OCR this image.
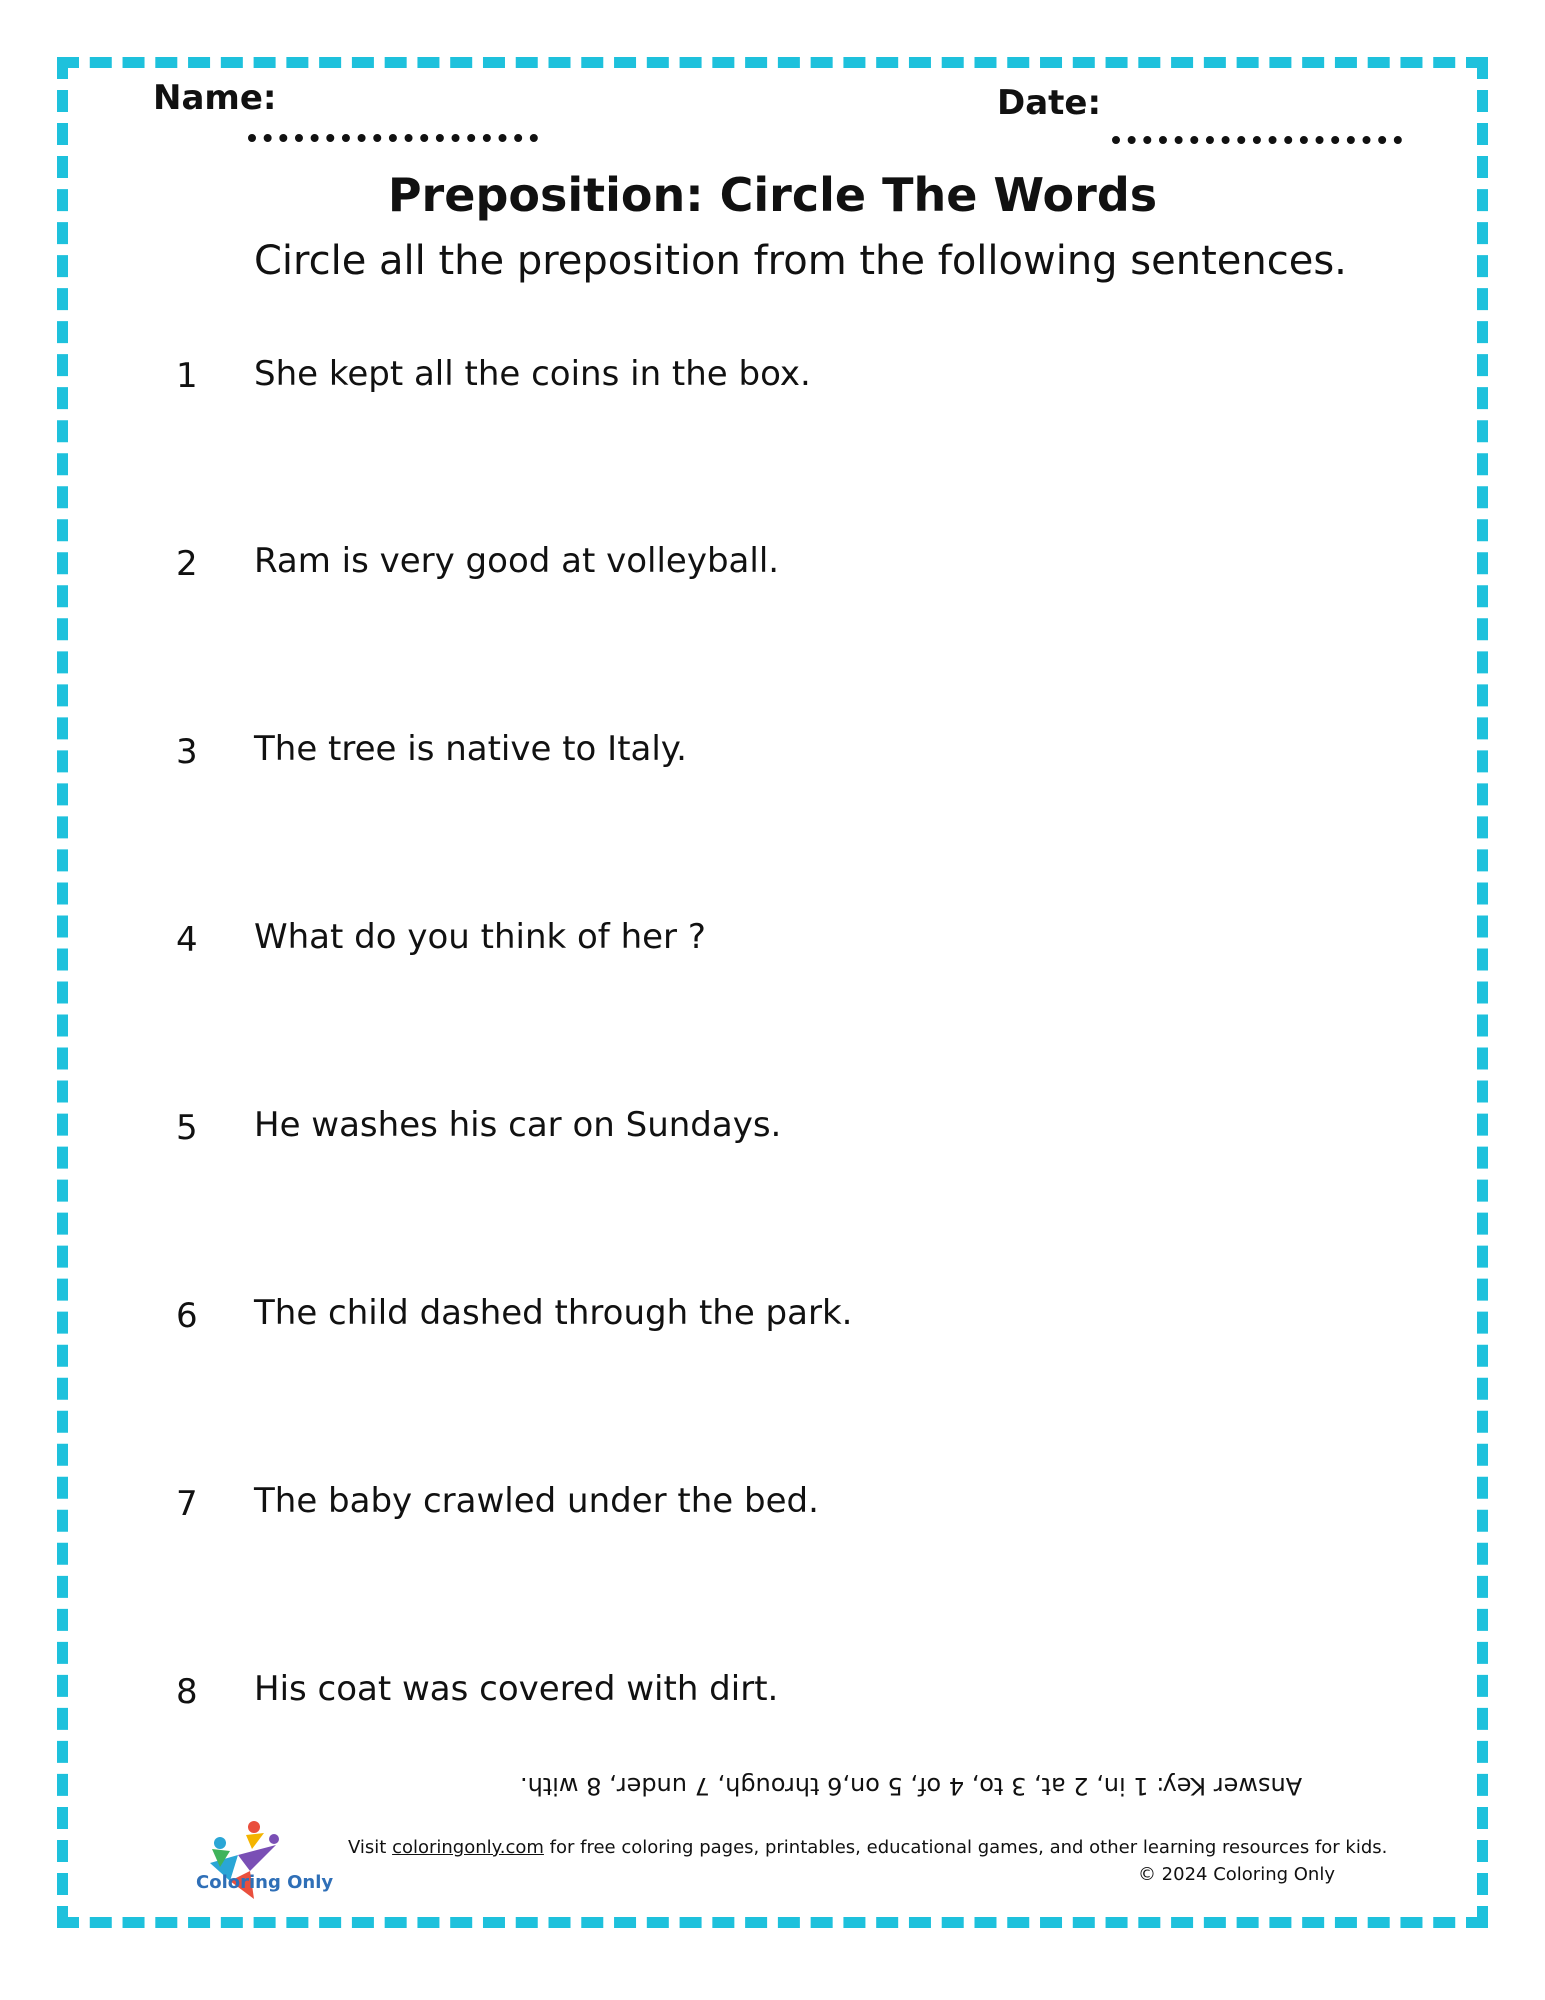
Name:	Date:
Preposition: Circle The Words
Circle all the preposition from the following sentences.
1 She kept all the coins in the box.
2 Ram is very good at volleyball.
3 The tree is native to Italy.
4 What do you think of her ?
5 He washes his car on Sundays.
6 The child dashed through the park.
7 The baby crawled under the bed.
8 His coat was covered with dirt.
Answer Key: 1 in, 2 at, 3 to, 4 of, 5 on,6 through, 7 under, 8 with.
Coloring Only
Visit coloringonly.com for free coloring pages, printables, educational games, and other learning resources for kids.
© 2024 Coloring Only
